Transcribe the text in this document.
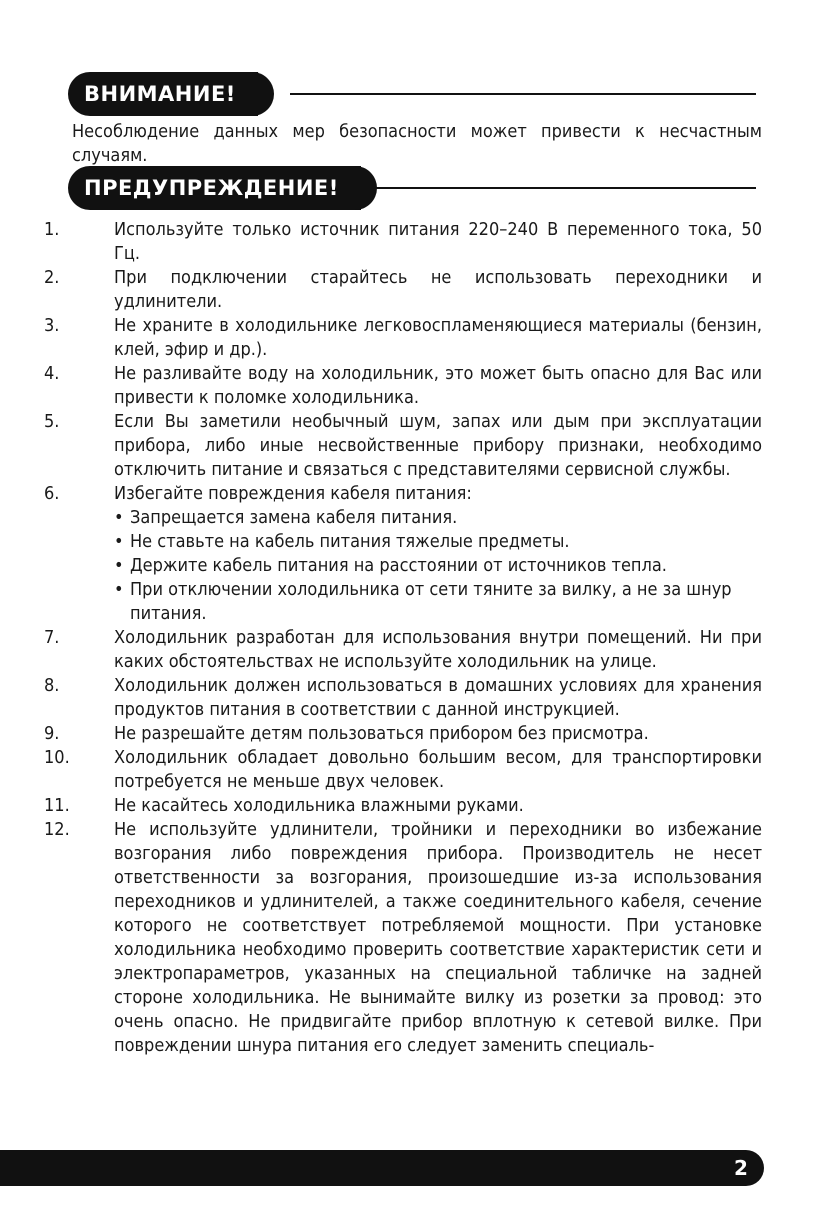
ВНИМАНИЕ!

Несоблюдение данных мер безопасности может привести к несчастным случаям.

ПРЕДУПРЕЖДЕНИЕ!
1.	Используйте только источник питания 220–240 В переменного тока, 50 Гц.
2.	При подключении старайтесь не использовать переходники и удлинители.
3.	Не храните в холодильнике легковоспламеняющиеся материалы (бензин, клей, эфир и др.).
4.	Не разливайте воду на холодильник, это может быть опасно для Вас или привести к поломке холодильника.
5.	Если Вы заметили необычный шум, запах или дым при эксплуатации прибора, либо иные несвойственные прибору признаки, необходимо отключить питание и связаться с представителями сервисной службы.
6.	Избегайте повреждения кабеля питания:
• Запрещается замена кабеля питания.
• Не ставьте на кабель питания тяжелые предметы.
• Держите кабель питания на расстоянии от источников тепла.
• При отключении холодильника от сети тяните за вилку, а не за шнур питания.
7.	Холодильник разработан для использования внутри помещений. Ни при каких обстоятельствах не используйте холодильник на улице.
8.	Холодильник должен использоваться в домашних условиях для хранения продуктов питания в соответствии с данной инструкцией.
9.	Не разрешайте детям пользоваться прибором без присмотра.
10.	Холодильник обладает довольно большим весом, для транспортировки потребуется не меньше двух человек.
11.	Не касайтесь холодильника влажными руками.
12.	Не используйте удлинители, тройники и переходники во избежание возгорания либо повреждения прибора. Производитель не несет ответственности за возгорания, произошедшие из-за использования переходников и удлинителей, а также соединительного кабеля, сечение которого не соответствует потребляемой мощности. При установке холодильника необходимо проверить соответствие характеристик сети и электропараметров, указанных на специальной табличке на задней стороне холодильника. Не вынимайте вилку из розетки за провод: это очень опасно. Не придвигайте прибор вплотную к сетевой вилке. При повреждении шнура питания его следует заменить специаль-
2
